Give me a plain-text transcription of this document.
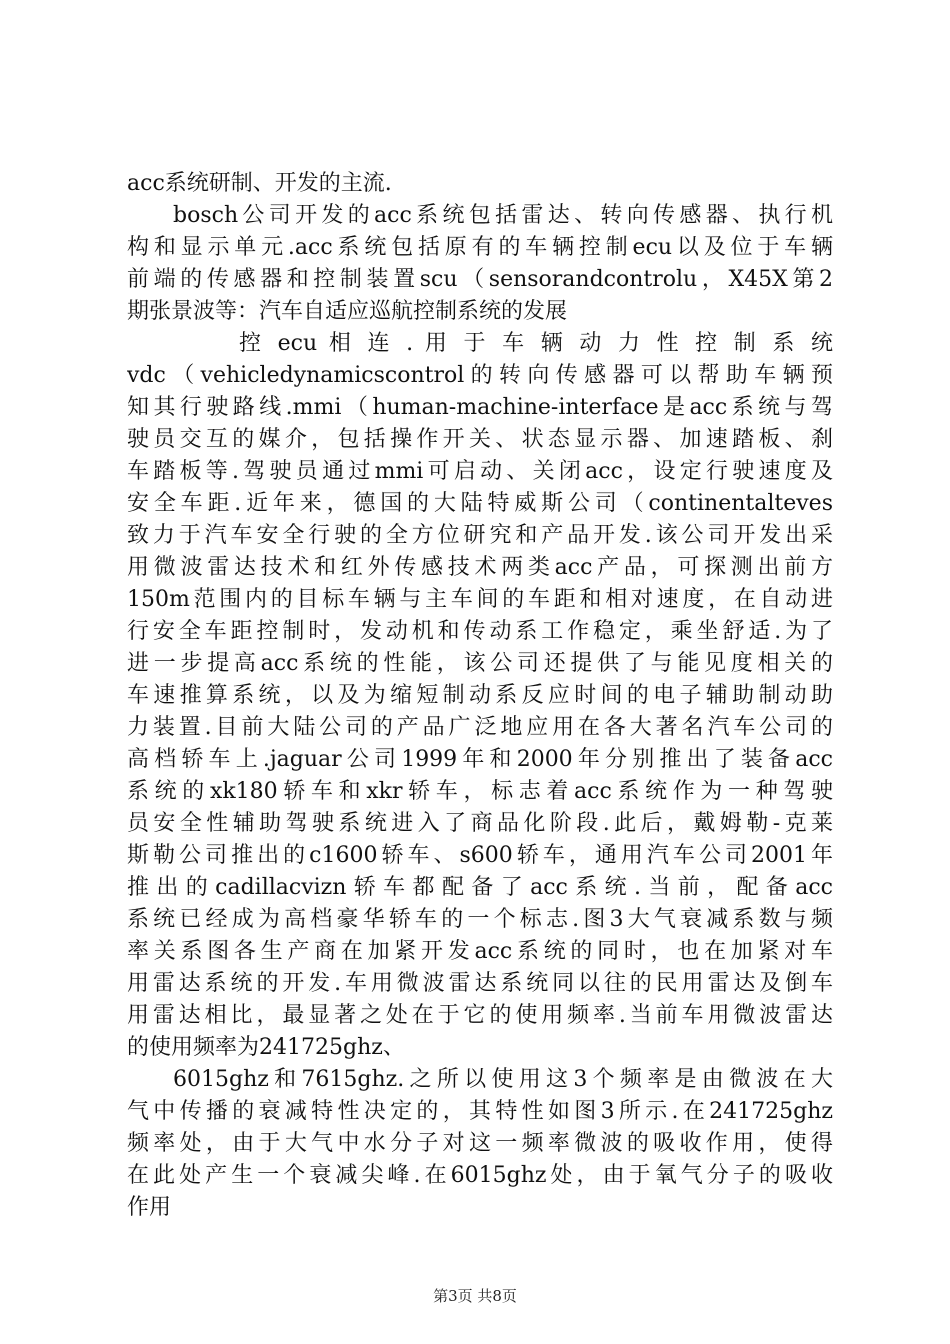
acc系统研制、开发的主流.
bosch公司开发的acc系统包括雷达、转向传感器、执行机
构和显示单元.acc系统包括原有的车辆控制ecu以及位于车辆
前端的传感器和控制装置scu（sensorandcontrolu，X45X第2
期张景波等：汽车自适应巡航控制系统的发展
控 ecu 相 连 . 用 于 车 辆 动 力 性 控 制 系 统
vdc（vehicledynamicscontrol的转向传感器可以帮助车辆预
知其行驶路线.mmi（human-machine-interface是acc系统与驾
驶员交互的媒介，包括操作开关、状态显示器、加速踏板、刹
车踏板等.驾驶员通过mmi可启动、关闭acc，设定行驶速度及
安全车距.近年来，德国的大陆特威斯公司（continentalteves
致力于汽车安全行驶的全方位研究和产品开发.该公司开发出采
用微波雷达技术和红外传感技术两类acc产品，可探测出前方
150m范围内的目标车辆与主车间的车距和相对速度，在自动进
行安全车距控制时，发动机和传动系工作稳定，乘坐舒适.为了
进一步提高acc系统的性能，该公司还提供了与能见度相关的
车速推算系统，以及为缩短制动系反应时间的电子辅助制动助
力装置.目前大陆公司的产品广泛地应用在各大著名汽车公司的
高档轿车上.jaguar公司1999年和2000年分别推出了装备acc
系统的xk180轿车和xkr轿车，标志着acc系统作为一种驾驶
员安全性辅助驾驶系统进入了商品化阶段.此后，戴姆勒-克莱
斯勒公司推出的c1600轿车、s600轿车，通用汽车公司2001年
推出的cadillacvizn轿车都配备了acc系统.当前，配备acc
系统已经成为高档豪华轿车的一个标志.图3大气衰减系数与频
率关系图各生产商在加紧开发acc系统的同时，也在加紧对车
用雷达系统的开发.车用微波雷达系统同以往的民用雷达及倒车
用雷达相比，最显著之处在于它的使用频率.当前车用微波雷达
的使用频率为241725ghz、
6015ghz和7615ghz.之所以使用这3个频率是由微波在大
气中传播的衰减特性决定的，其特性如图3所示.在241725ghz
频率处，由于大气中水分子对这一频率微波的吸收作用，使得
在此处产生一个衰减尖峰.在6015ghz处，由于氧气分子的吸收
作用
第3页 共8页
